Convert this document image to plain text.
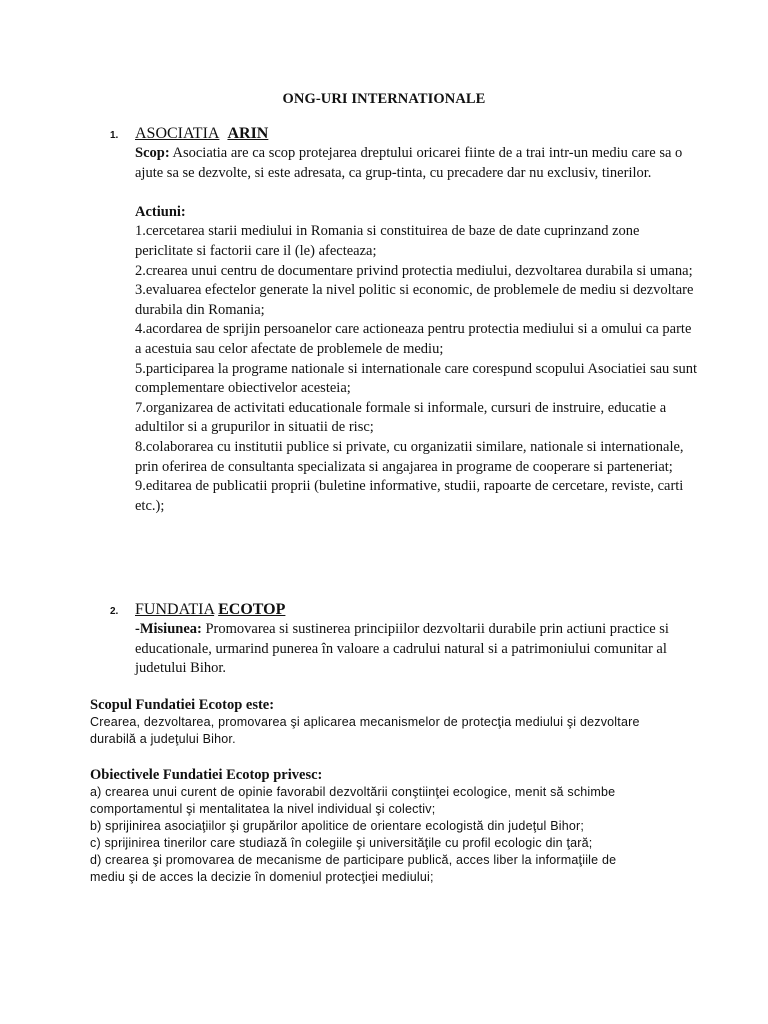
ONG-URI INTERNATIONALE
1. ASOCIATIA ARIN
Scop: Asociatia are ca scop protejarea dreptului oricarei fiinte de a trai intr-un mediu care sa o ajute sa se dezvolte, si este adresata, ca grup-tinta, cu precadere dar nu exclusiv, tinerilor.
Actiuni:
1.cercetarea starii mediului in Romania si constituirea de baze de date cuprinzand zone periclitate si factorii care il (le) afecteaza;
2.crearea unui centru de documentare privind protectia mediului, dezvoltarea durabila si umana;
3.evaluarea efectelor generate la nivel politic si economic, de problemele de mediu si dezvoltare durabila din Romania;
4.acordarea de sprijin persoanelor care actioneaza pentru protectia mediului si a omului ca parte a acestuia sau celor afectate de problemele de mediu;
5.participarea la programe nationale si internationale care corespund scopului Asociatiei sau sunt complementare obiectivelor acesteia;
7.organizarea de activitati educationale formale si informale, cursuri de instruire, educatie a adultilor si a grupurilor in situatii de risc;
8.colaborarea cu institutii publice si private, cu organizatii similare, nationale si internationale, prin oferirea de consultanta specializata si angajarea in programe de cooperare si parteneriat;
9.editarea de publicatii proprii (buletine informative, studii, rapoarte de cercetare, reviste, carti etc.);
2. FUNDATIA ECOTOP
-Misiunea: Promovarea si sustinerea principiilor dezvoltarii durabile prin actiuni practice si educationale, urmarind punerea în valoare a cadrului natural si a patrimoniului comunitar al judetului Bihor.
Scopul Fundatiei Ecotop este:
Crearea, dezvoltarea, promovarea şi aplicarea mecanismelor de protecţia mediului şi dezvoltare
durabilă a judeţului Bihor.
Obiectivele Fundatiei Ecotop privesc:
a) crearea unui curent de opinie favorabil dezvoltării conştiinţei ecologice, menit să schimbe
comportamentul şi mentalitatea la nivel individual şi colectiv;
b) sprijinirea asociaţiilor şi grupărilor apolitice de orientare ecologistă din judeţul Bihor;
c) sprijinirea tinerilor care studiază în colegiile şi universităţile cu profil ecologic din ţară;
d) crearea şi promovarea de mecanisme de participare publică, acces liber la informaţiile de
mediu şi de acces la decizie în domeniul protecţiei mediului;
